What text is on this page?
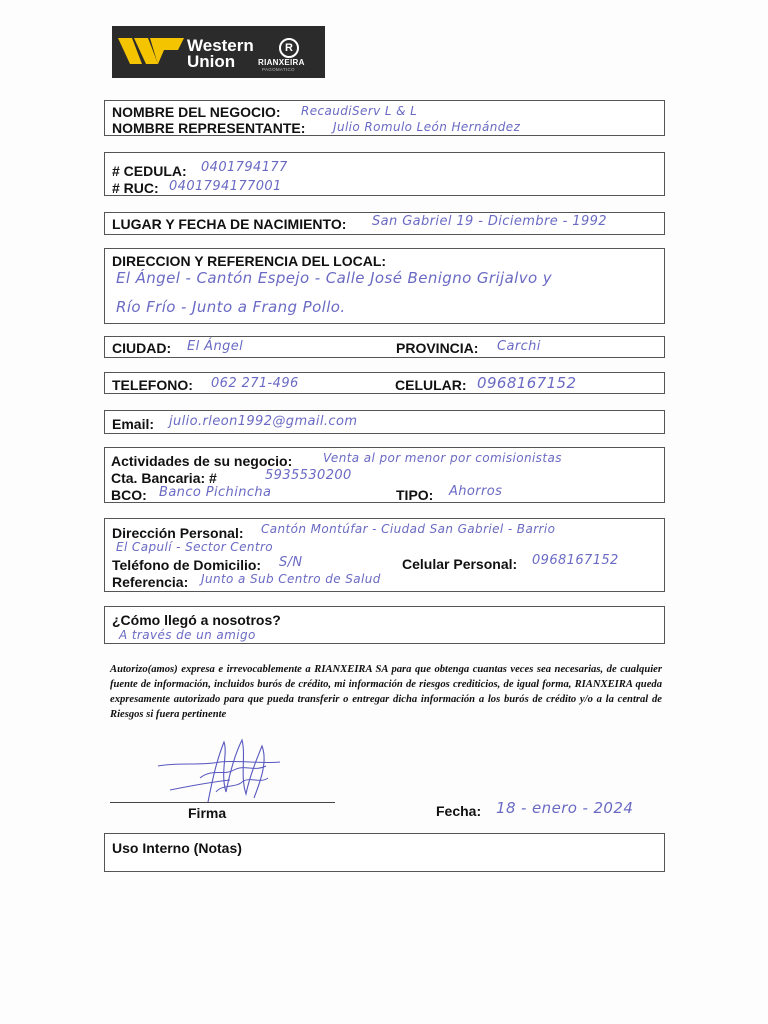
Western
Union
R
RIANXEIRA
PAGOMATICO
NOMBRE DEL NEGOCIO: RecaudiServ L & L
NOMBRE REPRESENTANTE: Julio Romulo León Hernández
# CEDULA: 0401794177
# RUC: 0401794177001
LUGAR Y FECHA DE NACIMIENTO: San Gabriel 19 - Diciembre - 1992
DIRECCION Y REFERENCIA DEL LOCAL:
El Ángel - Cantón Espejo - Calle José Benigno Grijalvo y
Río Frío - Junto a Frang Pollo.
CIUDAD: El Ángel	PROVINCIA: Carchi
TELEFONO: 062 271-496	CELULAR: 0968167152
Email: julio.rleon1992@gmail.com
Actividades de su negocio:	Venta al por menor por comisionistas
Cta. Bancaria: #	5935530200
BCO: Banco Pichincha	TIPO: Ahorros
Dirección Personal: Cantón Montúfar - Ciudad San Gabriel - Barrio
El Capulí - Sector Centro
Teléfono de Domicilio: S/N	Celular Personal: 0968167152
Referencia: Junto a Sub Centro de Salud
¿Cómo llegó a nosotros?
A través de un amigo
Autorizo(amos) expresa e irrevocablemente a RIANXEIRA SA para que obtenga cuantas veces sea necesarias, de cualquier fuente de información, incluidos burós de crédito, mi información de riesgos crediticios, de igual forma, RIANXEIRA queda expresamente autorizado para que pueda transferir o entregar dicha información a los burós de crédito y/o a la central de Riesgos si fuera pertinente
Firma	Fecha: 18 - enero - 2024
Uso Interno (Notas)
